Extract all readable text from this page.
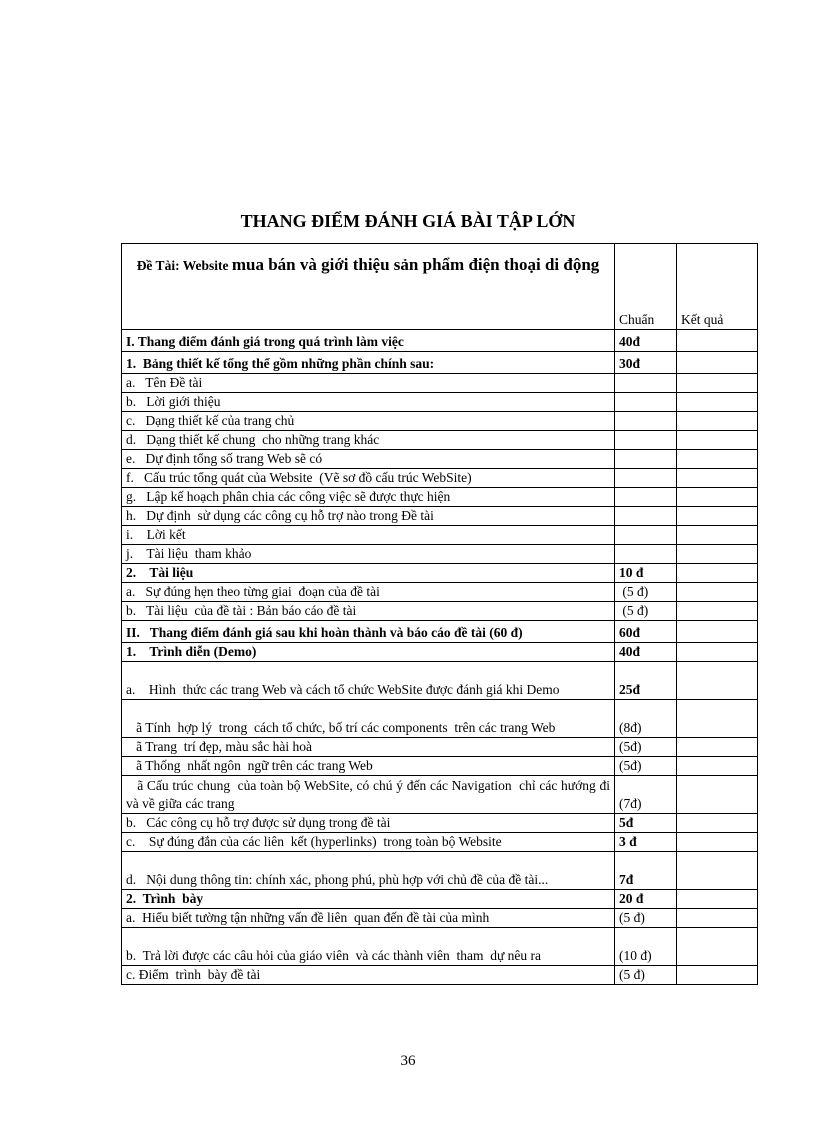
THANG ĐIỂM ĐÁNH GIÁ BÀI TẬP LỚN
Đề Tài: Website mua bán và giới thiệu sản phẩm điện thoại di động	Chuẩn	Kết quả
I. Thang điểm đánh giá trong quá trình làm việc	40đ	
1.  Bảng thiết kế tổng thể gồm những phần chính sau:	30đ	
a.   Tên Đề tài		
b.   Lời giới thiệu		
c.   Dạng thiết kế của trang chủ		
d.   Dạng thiết kế chung  cho những trang khác		
e.   Dự định tổng số trang Web sẽ có		
f.   Cấu trúc tổng quát của Website  (Vẽ sơ đồ cấu trúc WebSite)		
g.   Lập kế hoạch phân chia các công việc sẽ được thực hiện		
h.   Dự định  sử dụng các công cụ hỗ trợ nào trong Đề tài		
i.    Lời kết		
j.    Tài liệu  tham khảo		
2.    Tài liệu	10 đ	
a.   Sự đúng hẹn theo từng giai  đoạn của đề tài	(5 đ)	
b.   Tài liệu  của đề tài : Bản báo cáo đề tài	(5 đ)	
II.   Thang điểm đánh giá sau khi hoàn thành và báo cáo đề tài (60 đ)	60đ	
1.    Trình diễn (Demo)	40đ	
a.    Hình  thức các trang Web và cách tổ chức WebSite được đánh giá khi Demo	25đ	
ã Tính  hợp lý  trong  cách tổ chức, bố trí các components  trên các trang Web	(8đ)	
ã Trang  trí đẹp, màu sắc hài hoà	(5đ)	
ã Thống  nhất ngôn  ngữ trên các trang Web	(5đ)	
ã Cấu trúc chung  của toàn bộ WebSite, có chú ý đến các Navigation  chỉ các hướng đi và về giữa các trang	(7đ)	
b.   Các công cụ hỗ trợ được sử dụng trong đề tài	5đ	
c.    Sự đúng đắn của các liên  kết (hyperlinks)  trong toàn bộ Website	3 đ	
d.   Nội dung thông tin: chính xác, phong phú, phù hợp với chủ đề của đề tài...	7đ	
2.  Trình  bày	20 đ	
a.  Hiểu biết tường tận những vấn đề liên  quan đến đề tài của mình	(5 đ)	
b.  Trả lời được các câu hỏi của giáo viên  và các thành viên  tham  dự nêu ra	(10 đ)	
c. Điểm  trình  bày đề tài	(5 đ)	
36
